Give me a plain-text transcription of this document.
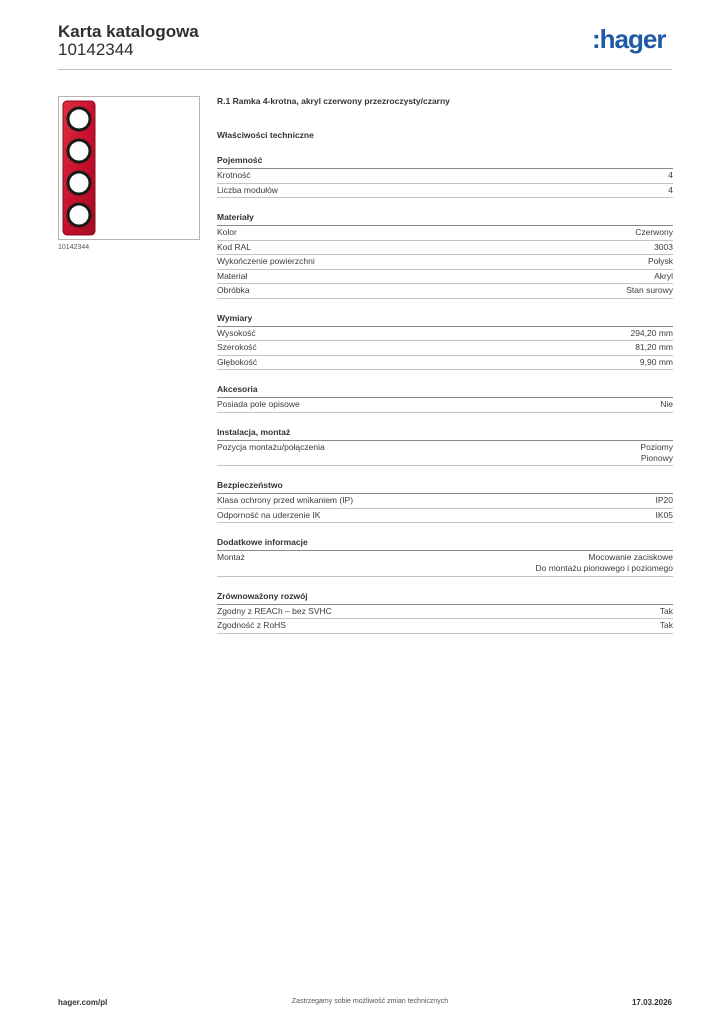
Karta katalogowa
10142344	:hager
10142344
R.1 Ramka 4-krotna, akryl czerwony przezroczysty/czarny
Właściwości techniczne
Pojemność
Krotność	4
Liczba modułów	4
Materiały
Kolor	Czerwony
Kod RAL	3003
Wykończenie powierzchni	Połysk
Materiał	Akryl
Obróbka	Stan surowy
Wymiary
Wysokość	294,20 mm
Szerokość	81,20 mm
Głębokość	9,90 mm
Akcesoria
Posiada pole opisowe	Nie
Instalacja, montaż
Pozycja montażu/połączenia	Poziomy
Pionowy
Bezpieczeństwo
Klasa ochrony przed wnikaniem (IP)	IP20
Odporność na uderzenie IK	IK05
Dodatkowe informacje
Montaż	Mocowanie zaciskowe
Do montażu pionowego i poziomego
Zrównoważony rozwój
Zgodny z REACh – bez SVHC	Tak
Zgodność z RoHS	Tak
hager.com/pl	Zastrzegamy sobie możliwość zmian technicznych	17.03.2026
